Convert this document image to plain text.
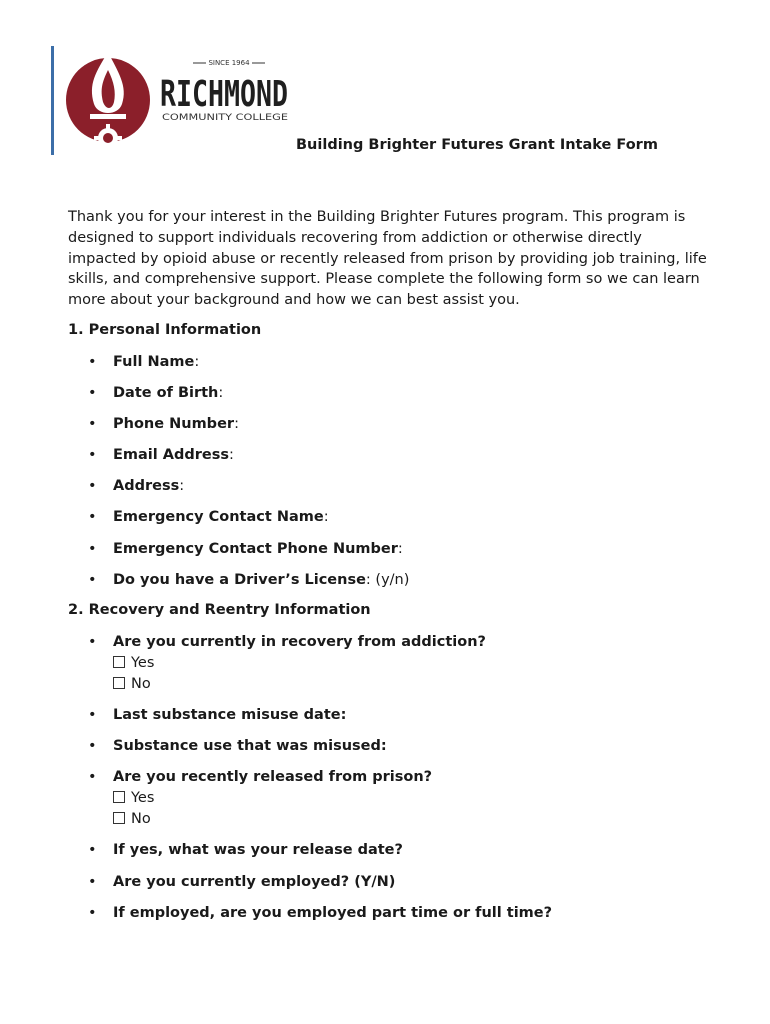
SINCE 1964
RICHMOND
COMMUNITY COLLEGE
Building Brighter Futures Grant Intake Form

Thank you for your interest in the Building Brighter Futures program. This program is designed to support individuals recovering from addiction or otherwise directly impacted by opioid abuse or recently released from prison by providing job training, life skills, and comprehensive support. Please complete the following form so we can learn more about your background and how we can best assist you.

1. Personal Information
• Full Name:
• Date of Birth:
• Phone Number:
• Email Address:
• Address:
• Emergency Contact Name:
• Emergency Contact Phone Number:
• Do you have a Driver’s License: (y/n)
2. Recovery and Reentry Information
• Are you currently in recovery from addiction?
Yes
No
• Last substance misuse date:
• Substance use that was misused:
• Are you recently released from prison?
Yes
No
• If yes, what was your release date?
• Are you currently employed? (Y/N)
• If employed, are you employed part time or full time?
